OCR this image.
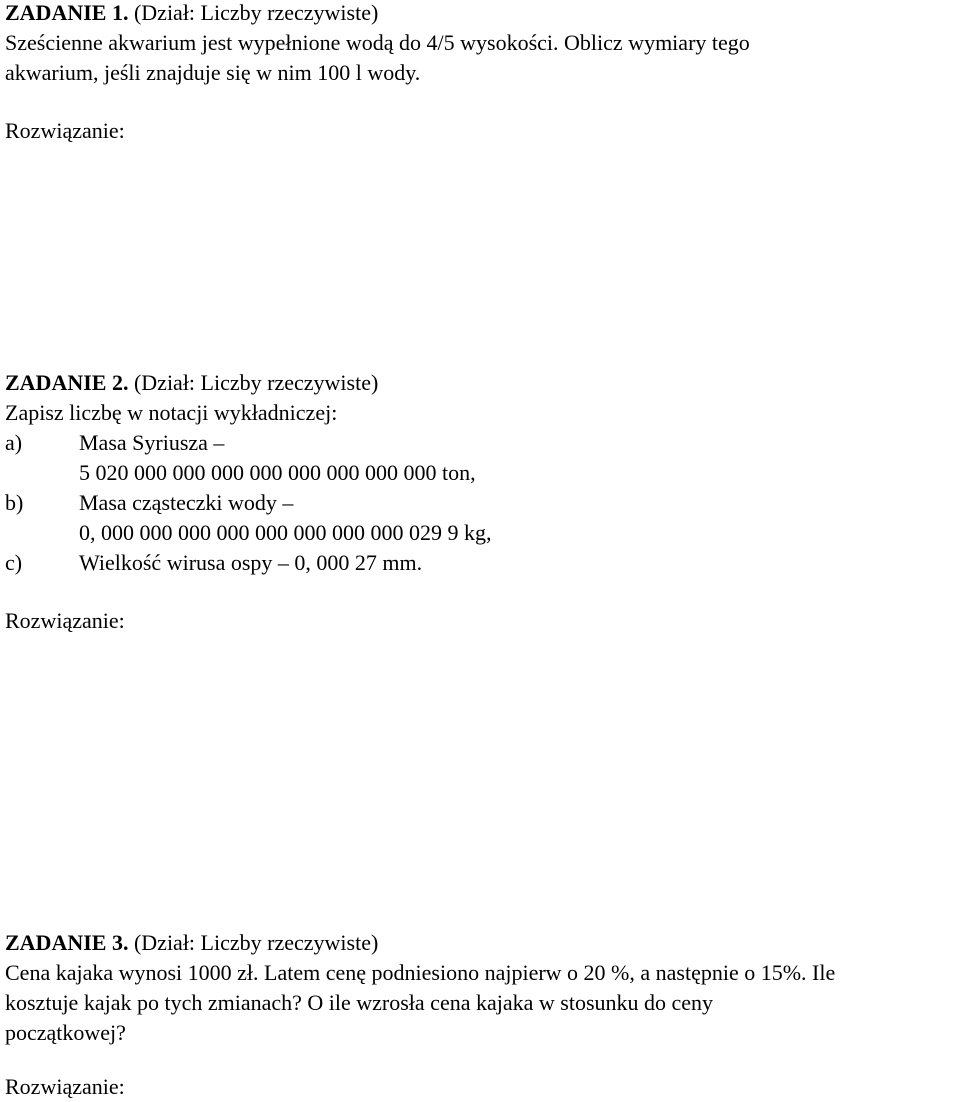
ZADANIE 1. (Dział: Liczby rzeczywiste)
Sześcienne akwarium jest wypełnione wodą do 4/5 wysokości. Oblicz wymiary tego
akwarium, jeśli znajduje się w nim 100 l wody.
Rozwiązanie:
ZADANIE 2. (Dział: Liczby rzeczywiste)
Zapisz liczbę w notacji wykładniczej:
a)	Masa Syriusza –
5 020 000 000 000 000 000 000 000 000 ton,
b)	Masa cząsteczki wody –
0, 000 000 000 000 000 000 000 000 029 9 kg,
c)	Wielkość wirusa ospy – 0, 000 27 mm.
Rozwiązanie:
ZADANIE 3. (Dział: Liczby rzeczywiste)
Cena kajaka wynosi 1000 zł. Latem cenę podniesiono najpierw o 20 %, a następnie o 15%. Ile
kosztuje kajak po tych zmianach? O ile wzrosła cena kajaka w stosunku do ceny
początkowej?
Rozwiązanie:
